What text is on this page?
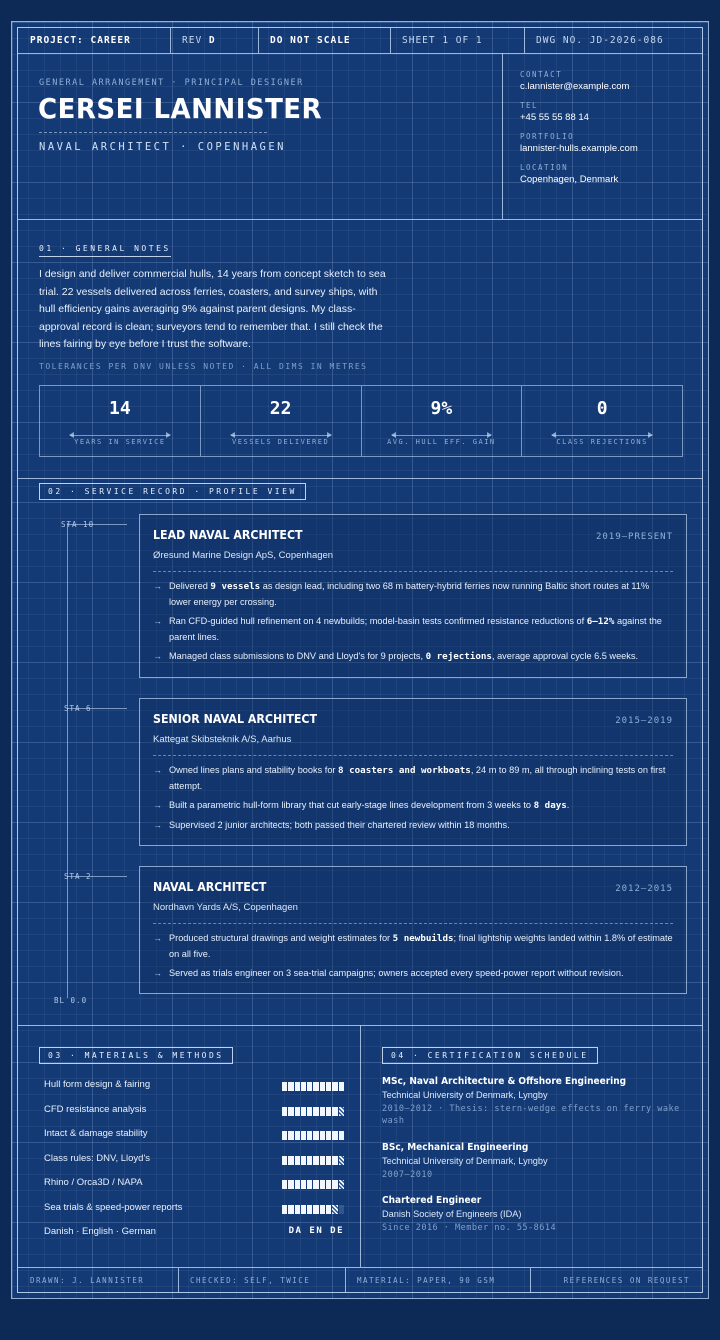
PROJECT: CAREER	REV D	DO NOT SCALE	SHEET 1 OF 1	DWG NO. JD-2026-086
GENERAL ARRANGEMENT · PRINCIPAL DESIGNER
CERSEI LANNISTER
NAVAL ARCHITECT · COPENHAGEN
CONTACT
c.lannister@example.com
TEL
+45 55 55 88 14
PORTFOLIO
lannister-hulls.example.com
LOCATION
Copenhagen, Denmark
01 · GENERAL NOTES
I design and deliver commercial hulls, 14 years from concept sketch to sea trial. 22 vessels delivered across ferries, coasters, and survey ships, with hull efficiency gains averaging 9% against parent designs. My class-approval record is clean; surveyors tend to remember that. I still check the lines fairing by eye before I trust the software.
TOLERANCES PER DNV UNLESS NOTED · ALL DIMS IN METRES
14
YEARS IN SERVICE
22
VESSELS DELIVERED
9%
AVG. HULL EFF. GAIN
0
CLASS REJECTIONS
02 · SERVICE RECORD · PROFILE VIEW
STA 10
STA 6
STA 2
BL 0.0
LEAD NAVAL ARCHITECT	2019–PRESENT
Øresund Marine Design ApS, Copenhagen
→ Delivered 9 vessels as design lead, including two 68 m battery-hybrid ferries now running Baltic short routes at 11% lower energy per crossing.
→ Ran CFD-guided hull refinement on 4 newbuilds; model-basin tests confirmed resistance reductions of 6–12% against the parent lines.
→ Managed class submissions to DNV and Lloyd's for 9 projects, 0 rejections, average approval cycle 6.5 weeks.
SENIOR NAVAL ARCHITECT	2015–2019
Kattegat Skibsteknik A/S, Aarhus
→ Owned lines plans and stability books for 8 coasters and workboats, 24 m to 89 m, all through inclining tests on first attempt.
→ Built a parametric hull-form library that cut early-stage lines development from 3 weeks to 8 days.
→ Supervised 2 junior architects; both passed their chartered review within 18 months.
NAVAL ARCHITECT	2012–2015
Nordhavn Yards A/S, Copenhagen
→ Produced structural drawings and weight estimates for 5 newbuilds; final lightship weights landed within 1.8% of estimate on all five.
→ Served as trials engineer on 3 sea-trial campaigns; owners accepted every speed-power report without revision.
03 · MATERIALS & METHODS
Hull form design & fairing
CFD resistance analysis
Intact & damage stability
Class rules: DNV, Lloyd's
Rhino / Orca3D / NAPA
Sea trials & speed-power reports
Danish · English · German	DA EN DE
04 · CERTIFICATION SCHEDULE
MSc, Naval Architecture & Offshore Engineering
Technical University of Denmark, Lyngby
2010–2012 · Thesis: stern-wedge effects on ferry wake wash
BSc, Mechanical Engineering
Technical University of Denmark, Lyngby
2007–2010
Chartered Engineer
Danish Society of Engineers (IDA)
Since 2016 · Member no. 55-8614
DRAWN: J. LANNISTER	CHECKED: SELF, TWICE	MATERIAL: PAPER, 90 GSM	REFERENCES ON REQUEST
